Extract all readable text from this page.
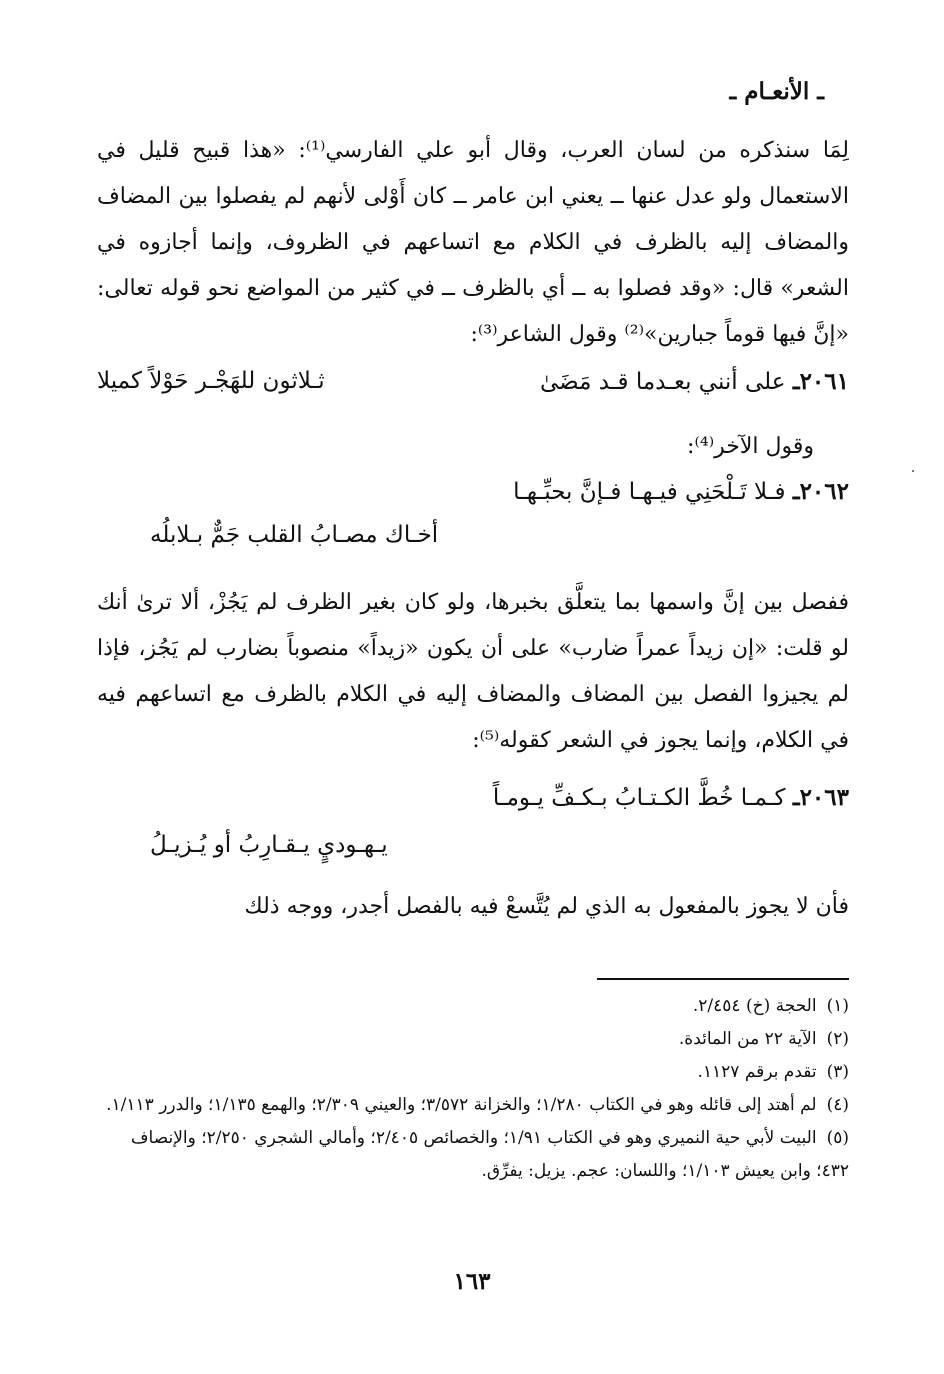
ـ الأنعـام ـ

لِمَا سنذكره من لسان العرب، وقال أبو علي الفارسي⁽¹⁾: «هذا قبيح قليل في الاستعمال ولو عدل عنها ــ يعني ابن عامر ــ كان أَوْلى لأنهم لم يفصلوا بين المضاف والمضاف إليه بالظرف في الكلام مع اتساعهم في الظروف، وإنما أجازوه في الشعر» قال: «وقد فصلوا به ــ أي بالظرف ــ في كثير من المواضع نحو قوله تعالى: «إنَّ فيها قوماً جبارين»⁽²⁾ وقول الشاعر⁽³⁾:

٢٠٦١ـ على أنني بعـدما قـد مَضَىٰ
ثـلاثون للهَجْـر حَوْلاً كميلا
وقول الآخر⁽⁴⁾:
٢٠٦٢ـ فـلا تَـلْحَنِي فيـهـا فـإنَّ بحبِّـهـا
أخـاك مصـابُ القلب جَمٌّ بـلابلُه
ففصل بين إنَّ واسمها بما يتعلَّق بخبرها، ولو كان بغير الظرف لم يَجُزْ، ألا ترىٰ أنك لو قلت: «إن زيداً عمراً ضارب» على أن يكون «زيداً» منصوباً بضارب لم يَجُز، فإذا لم يجيزوا الفصل بين المضاف والمضاف إليه في الكلام بالظرف مع اتساعهم فيه في الكلام، وإنما يجوز في الشعر كقوله⁽⁵⁾:
٢٠٦٣ـ كـمـا خُطَّ الكـتـابُ بـكـفِّ يـومـاً
يـهـوديٍ يـقـارِبُ أو يُـزيـلُ
فأن لا يجوز بالمفعول به الذي لم يُتَّسعْ فيه بالفصل أجدر، ووجه ذلك

(١)الحجة (خ) ٢/٤٥٤.

(٢)الآية ٢٢ من المائدة.

(٣)تقدم برقم ١١٢٧.

(٤)لم أهتد إلى قائله وهو في الكتاب ١/٢٨٠؛ والخزانة ٣/٥٧٢؛ والعيني ٢/٣٠٩؛ والهمع ١/١٣٥؛ والدرر ١/١١٣.

(٥)البيت لأبي حية النميري وهو في الكتاب ١/٩١؛ والخصائص ٢/٤٠٥؛ وأمالي الشجري ٢/٢٥٠؛ والإنصاف ٤٣٢؛ وابن يعيش ١/١٠٣؛ واللسان: عجم. يزيل: يفرِّق.

١٦٣
